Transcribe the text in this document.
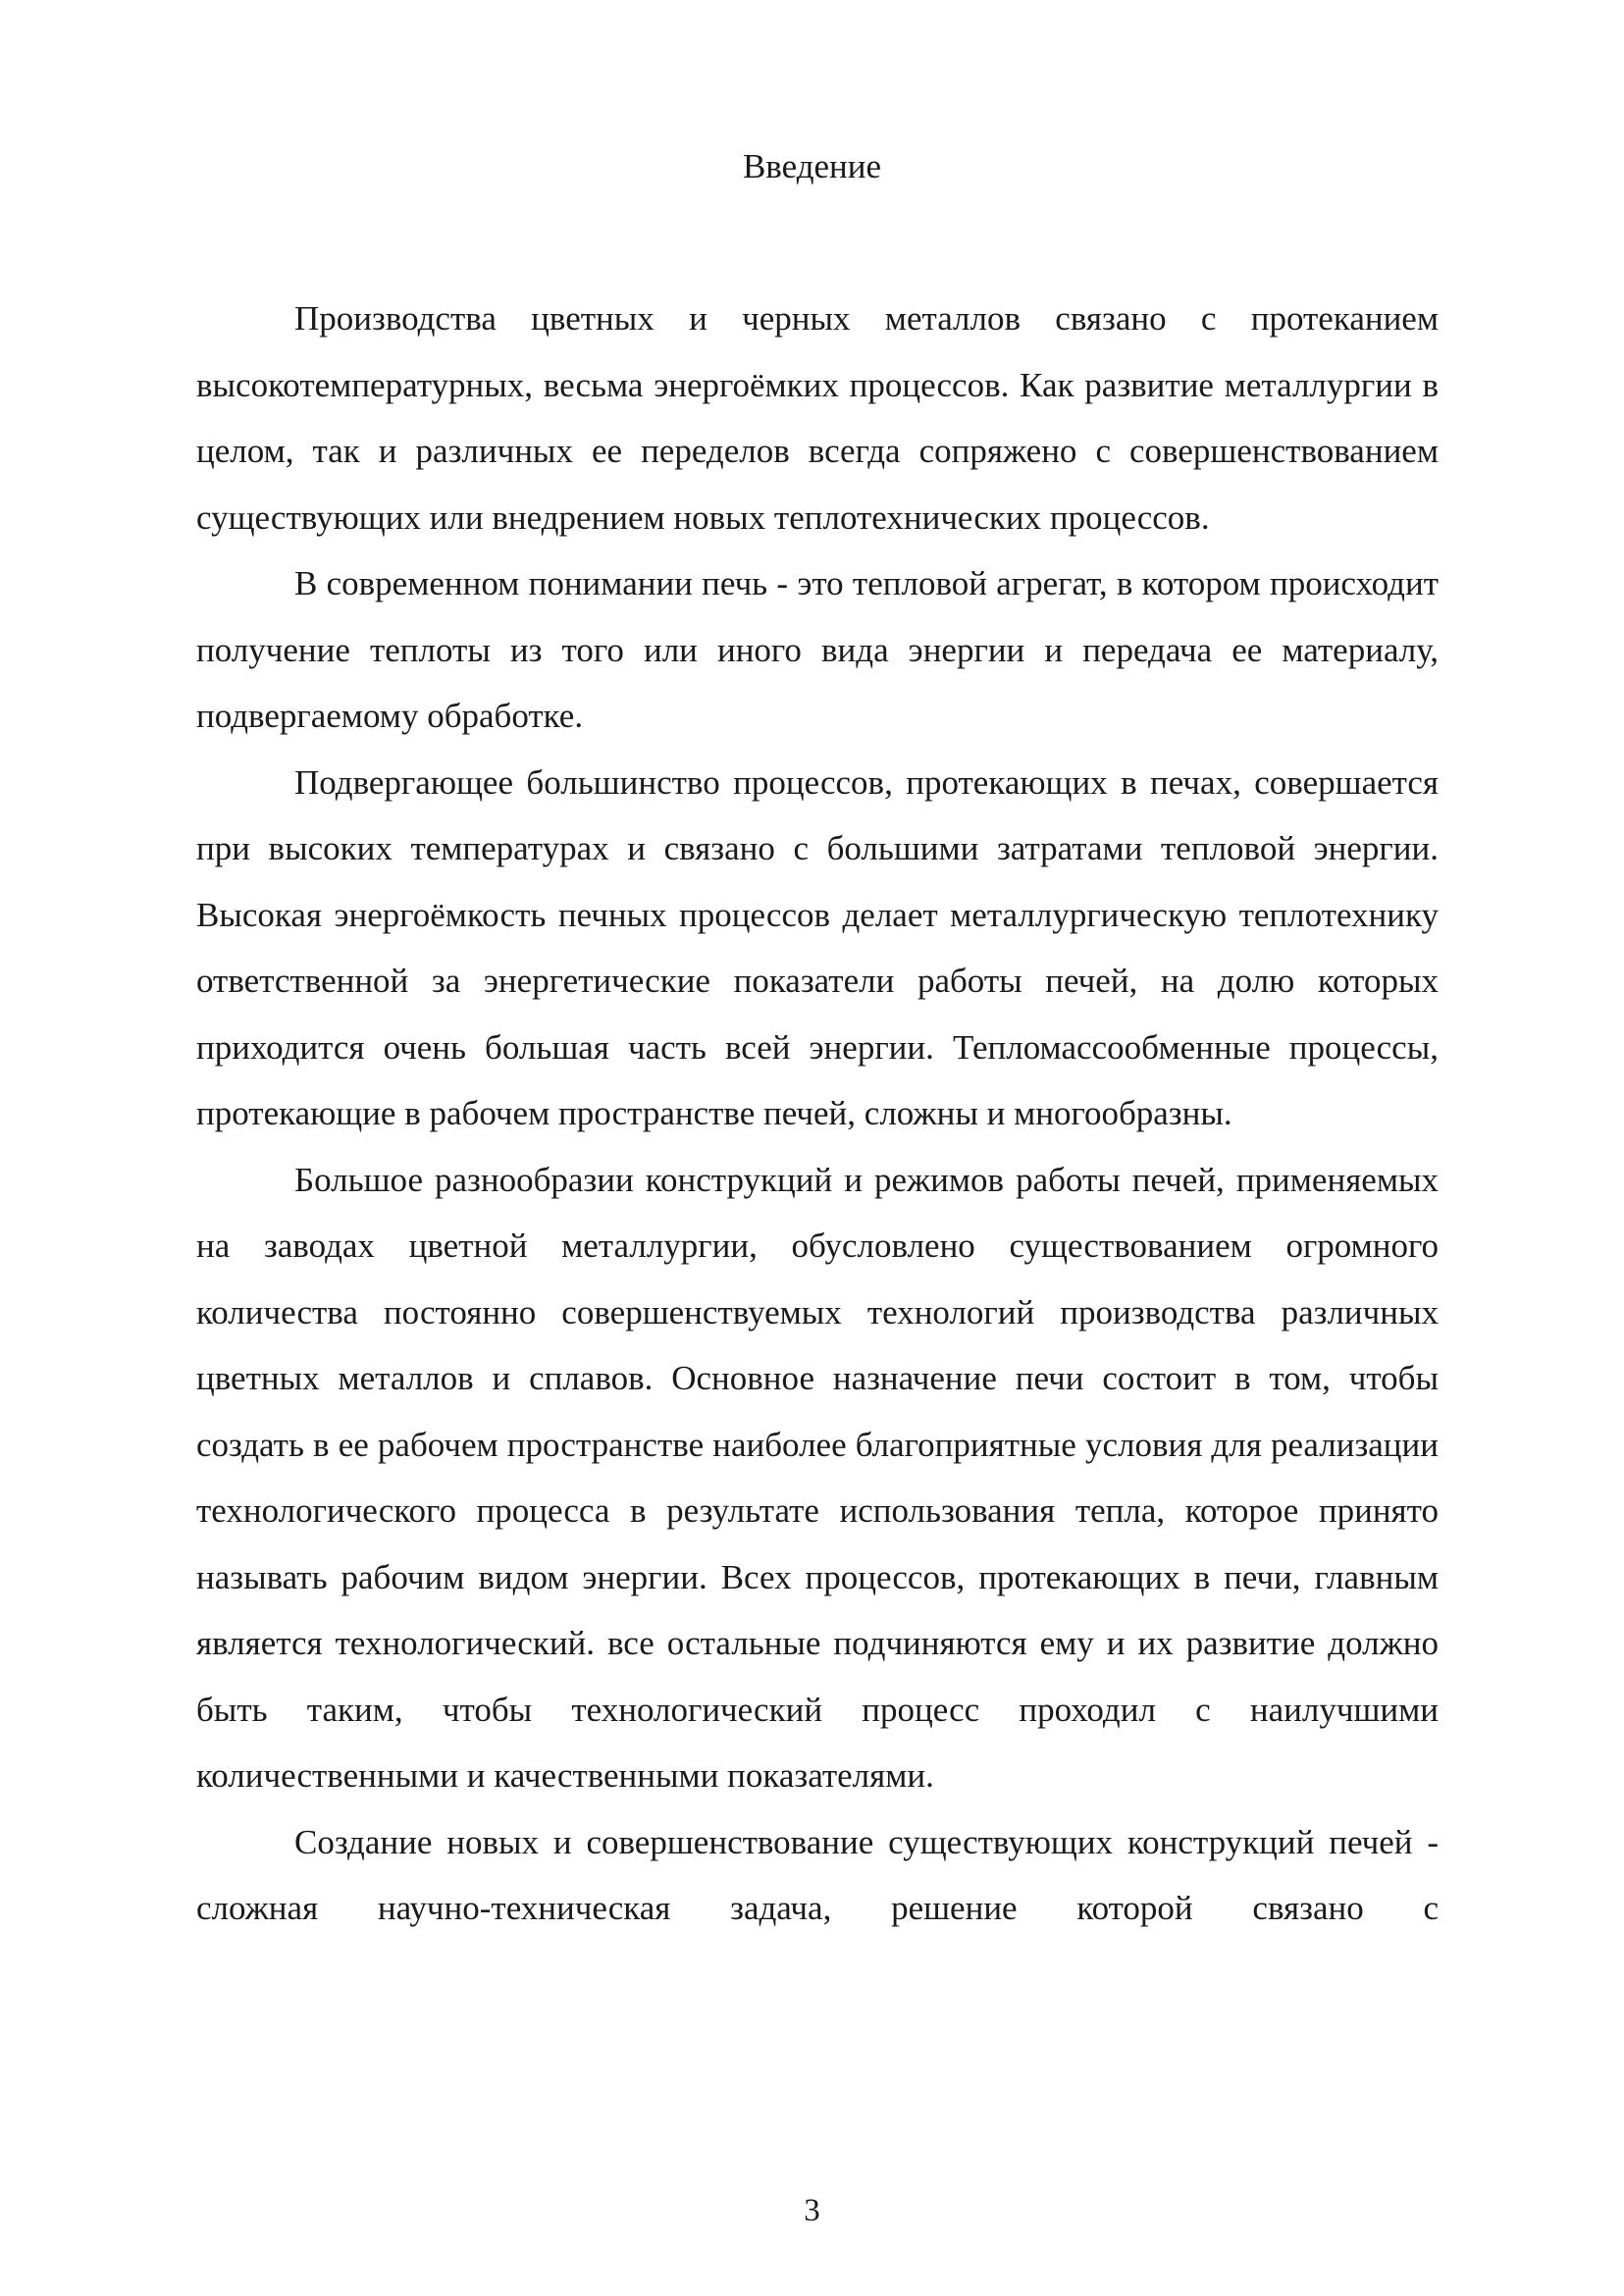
Введение

Производства цветных и черных металлов связано с протеканием высокотемпературных, весьма энергоёмких процессов. Как развитие металлургии в целом, так и различных ее переделов всегда сопряжено с совершенствованием существующих или внедрением новых теплотехнических процессов.

В современном понимании печь - это тепловой агрегат, в котором происходит получение теплоты из того или иного вида энергии и передача ее материалу, подвергаемому обработке.

Подвергающее большинство процессов, протекающих в печах, совершается при высоких температурах и связано с большими затратами тепловой энергии. Высокая энергоёмкость печных процессов делает металлургическую теплотехнику ответственной за энергетические показатели работы печей, на долю которых приходится очень большая часть всей энергии. Тепломассообменные процессы, протекающие в рабочем пространстве печей, сложны и многообразны.

Большое разнообразии конструкций и режимов работы печей, применяемых на заводах цветной металлургии, обусловлено существованием огромного количества постоянно совершенствуемых технологий производства различных цветных металлов и сплавов. Основное назначение печи состоит в том, чтобы создать в ее рабочем пространстве наиболее благоприятные условия для реализации технологического процесса в результате использования тепла, которое принято называть рабочим видом энергии. Всех процессов, протекающих в печи, главным является технологический. все остальные подчиняются ему и их развитие должно быть таким, чтобы технологический процесс проходил с наилучшими количественными и качественными показателями.

Создание новых и совершенствование существующих конструкций печей - сложная научно-техническая задача, решение которой связано с

3
